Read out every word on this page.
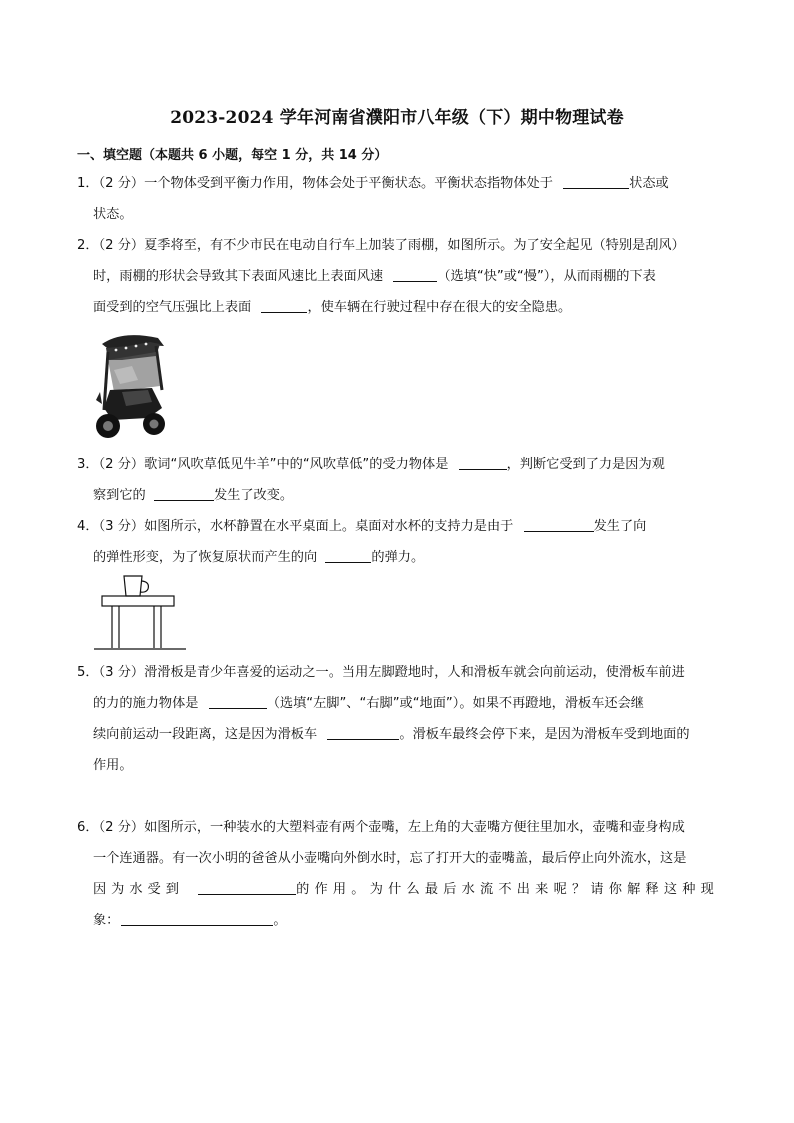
2023-2024 学年河南省濮阳市八年级（下）期中物理试卷
一、填空题（本题共 6 小题，每空 1 分，共 14 分）
1．（2 分）一个物体受到平衡力作用，物体会处于平衡状态。平衡状态指物体处于	状态或
状态。
2．（2 分）夏季将至，有不少市民在电动自行车上加装了雨棚，如图所示。为了安全起见（特别是刮风）
时，雨棚的形状会导致其下表面风速比上表面风速	（选填“快”或“慢”），从而雨棚的下表
面受到的空气压强比上表面	，使车辆在行驶过程中存在很大的安全隐患。
3．（2 分）歌词“风吹草低见牛羊”中的“风吹草低”的受力物体是	，判断它受到了力是因为观
察到它的	发生了改变。
4．（3 分）如图所示，水杯静置在水平桌面上。桌面对水杯的支持力是由于	发生了向
的弹性形变，为了恢复原状而产生的向	的弹力。
5．（3 分）滑滑板是青少年喜爱的运动之一。当用左脚蹬地时，人和滑板车就会向前运动，使滑板车前进
的力的施力物体是	（选填“左脚”、“右脚”或“地面”）。如果不再蹬地，滑板车还会继
续向前运动一段距离，这是因为滑板车	。滑板车最终会停下来，是因为滑板车受到地面的
作用。
6．（2 分）如图所示，一种装水的大塑料壶有两个壶嘴，左上角的大壶嘴方便往里加水，壶嘴和壶身构成
一个连通器。有一次小明的爸爸从小壶嘴向外倒水时，忘了打开大的壶嘴盖，最后停止向外流水，这是
因为水受到	的作用。为什么最后水流不出来呢？请你解释这种现
象：	。
